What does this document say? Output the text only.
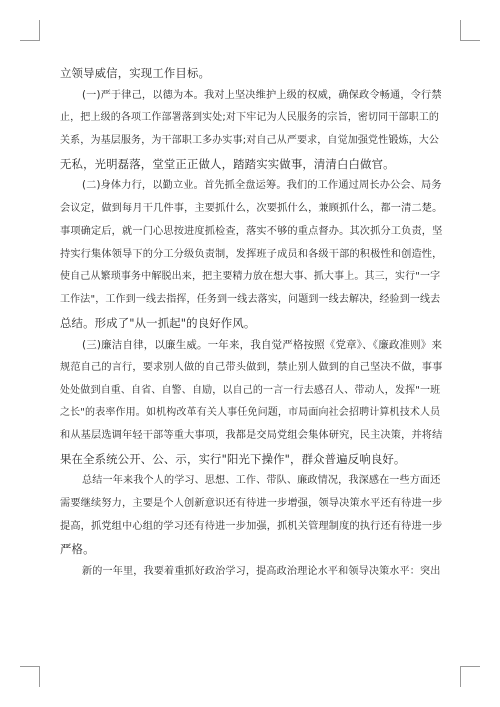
立领导威信，实现工作目标。
(一)严于律己，以德为本。我对上坚决维护上级的权威，确保政令畅通，令行禁
止，把上级的各项工作部署落到实处;对下牢记为人民服务的宗旨，密切同干部职工的
关系，为基层服务，为干部职工多办实事;对自己从严要求，自觉加强党性锻炼，大公
无私，光明磊落，堂堂正正做人，踏踏实实做事，清清白白做官。
(二)身体力行，以勤立业。首先抓全盘运筹。我们的工作通过周长办公会、局务
会议定，做到每月干几件事，主要抓什么，次要抓什么，兼顾抓什么，都一清二楚。
事项确定后，就一门心思按进度抓检查，落实不够的重点督办。其次抓分工负责，坚
持实行集体领导下的分工分级负责制，发挥班子成员和各级干部的积极性和创造性，
使自己从繁琐事务中解脱出来，把主要精力放在想大事、抓大事上。其三，实行"一字
工作法"，工作到一线去指挥，任务到一线去落实，问题到一线去解决，经验到一线去
总结。形成了"从一抓起"的良好作风。
(三)廉洁自律，以廉生威。一年来，我自觉严格按照《党章》、《廉政准则》来
规范自己的言行，要求别人做的自己带头做到，禁止别人做到的自己坚决不做，事事
处处做到自重、自省、自警、自励，以自己的一言一行去感召人、带动人，发挥"一班
之长"的表率作用。如机构改革有关人事任免问题，市局面向社会招聘计算机技术人员
和从基层选调年轻干部等重大事项，我都是交局党组会集体研究，民主决策，并将结
果在全系统公开、公、示，实行"阳光下操作"，群众普遍反响良好。
总结一年来我个人的学习、思想、工作、带队、廉政情况，我深感在一些方面还
需要继续努力，主要是个人创新意识还有待进一步增强，领导决策水平还有待进一步
提高，抓党组中心组的学习还有待进一步加强，抓机关管理制度的执行还有待进一步
严格。
新的一年里，我要着重抓好政治学习，提高政治理论水平和领导决策水平：突出
